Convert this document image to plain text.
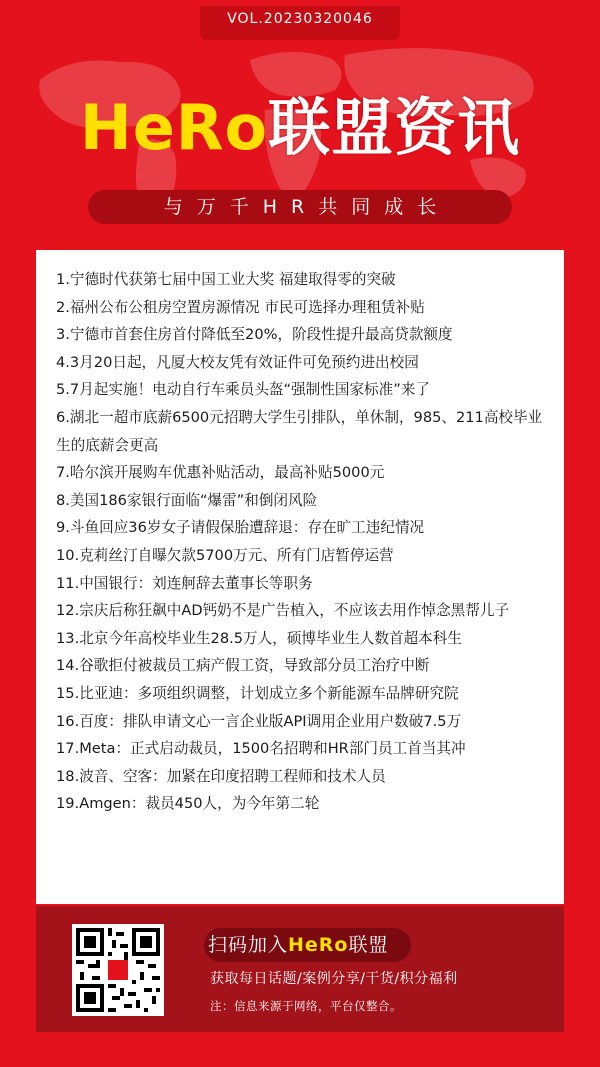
VOL.20230320046
HeRo联盟资讯
与万千HR共同成长
1.宁德时代获第七届中国工业大奖 福建取得零的突破
2.福州公布公租房空置房源情况 市民可选择办理租赁补贴
3.宁德市首套住房首付降低至20%，阶段性提升最高贷款额度
4.3月20日起，凡厦大校友凭有效证件可免预约进出校园
5.7月起实施！电动自行车乘员头盔“强制性国家标准”来了
6.湖北一超市底薪6500元招聘大学生引排队，单休制，985、211高校毕业生的底薪会更高
7.哈尔滨开展购车优惠补贴活动，最高补贴5000元
8.美国186家银行面临“爆雷”和倒闭风险
9.斗鱼回应36岁女子请假保胎遭辞退：存在旷工违纪情况
10.克莉丝汀自曝欠款5700万元、所有门店暂停运营
11.中国银行：刘连舸辞去董事长等职务
12.宗庆后称狂飙中AD钙奶不是广告植入，不应该去用作悼念黑帮儿子
13.北京今年高校毕业生28.5万人，硕博毕业生人数首超本科生
14.谷歌拒付被裁员工病产假工资，导致部分员工治疗中断
15.比亚迪：多项组织调整，计划成立多个新能源车品牌研究院
16.百度：排队申请文心一言企业版API调用企业用户数破7.5万
17.Meta：正式启动裁员，1500名招聘和HR部门员工首当其冲
18.波音、空客：加紧在印度招聘工程师和技术人员
19.Amgen：裁员450人，为今年第二轮
扫码加入HeRo联盟
获取每日话题/案例分享/干货/积分福利
注：信息来源于网络，平台仅整合。
